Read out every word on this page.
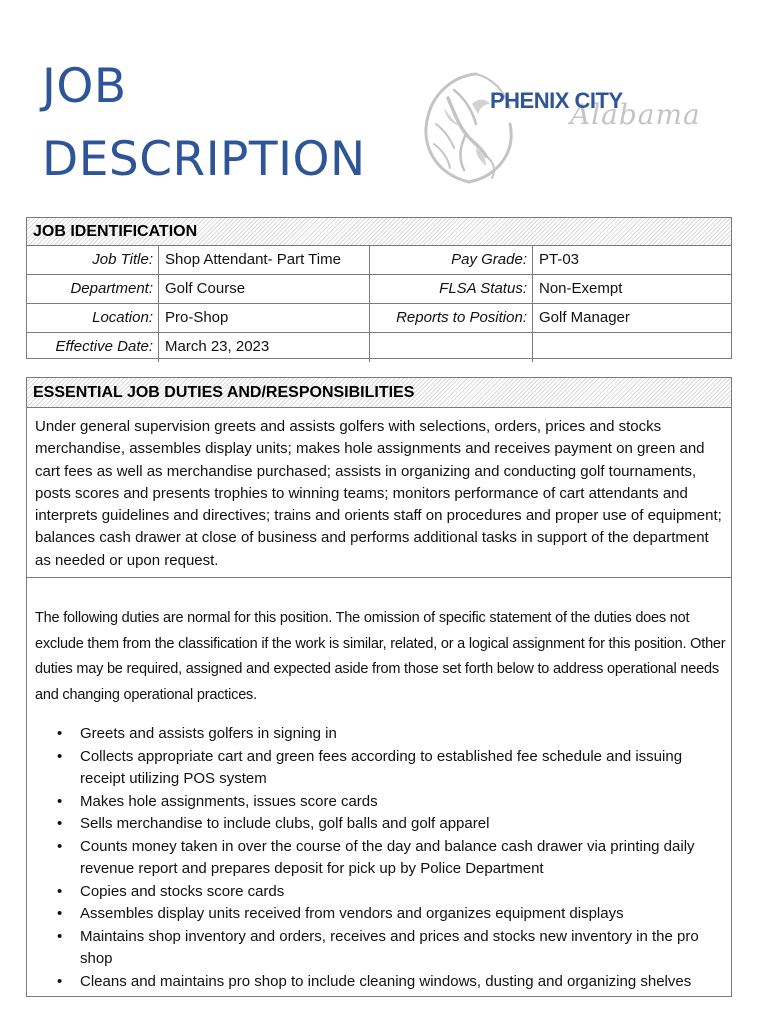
JOB
DESCRIPTION
Alabama
PHENIX CITY
JOB IDENTIFICATION
Job Title: Shop Attendant- Part Time	Pay Grade: PT-03
Department: Golf Course	FLSA Status: Non-Exempt
Location: Pro-Shop	Reports to Position: Golf Manager
Effective Date: March 23, 2023
ESSENTIAL JOB DUTIES AND/RESPONSIBILITIES

Under general supervision greets and assists golfers with selections, orders, prices and stocks merchandise, assembles display units; makes hole assignments and receives payment on green and cart fees as well as merchandise purchased; assists in organizing and conducting golf tournaments, posts scores and presents trophies to winning teams; monitors performance of cart attendants and interprets guidelines and directives; trains and orients staff on procedures and proper use of equipment; balances cash drawer at close of business and performs additional tasks in support of the department as needed or upon request.

The following duties are normal for this position. The omission of specific statement of the duties does not exclude them from the classification if the work is similar, related, or a logical assignment for this position. Other duties may be required, assigned and expected aside from those set forth below to address operational needs and changing operational practices.

• Greets and assists golfers in signing in
• Collects appropriate cart and green fees according to established fee schedule and issuing receipt utilizing POS system
• Makes hole assignments, issues score cards
• Sells merchandise to include clubs, golf balls and golf apparel
• Counts money taken in over the course of the day and balance cash drawer via printing daily revenue report and prepares deposit for pick up by Police Department
• Copies and stocks score cards
• Assembles display units received from vendors and organizes equipment displays
• Maintains shop inventory and orders, receives and prices and stocks new inventory in the pro shop
• Cleans and maintains pro shop to include cleaning windows, dusting and organizing shelves
